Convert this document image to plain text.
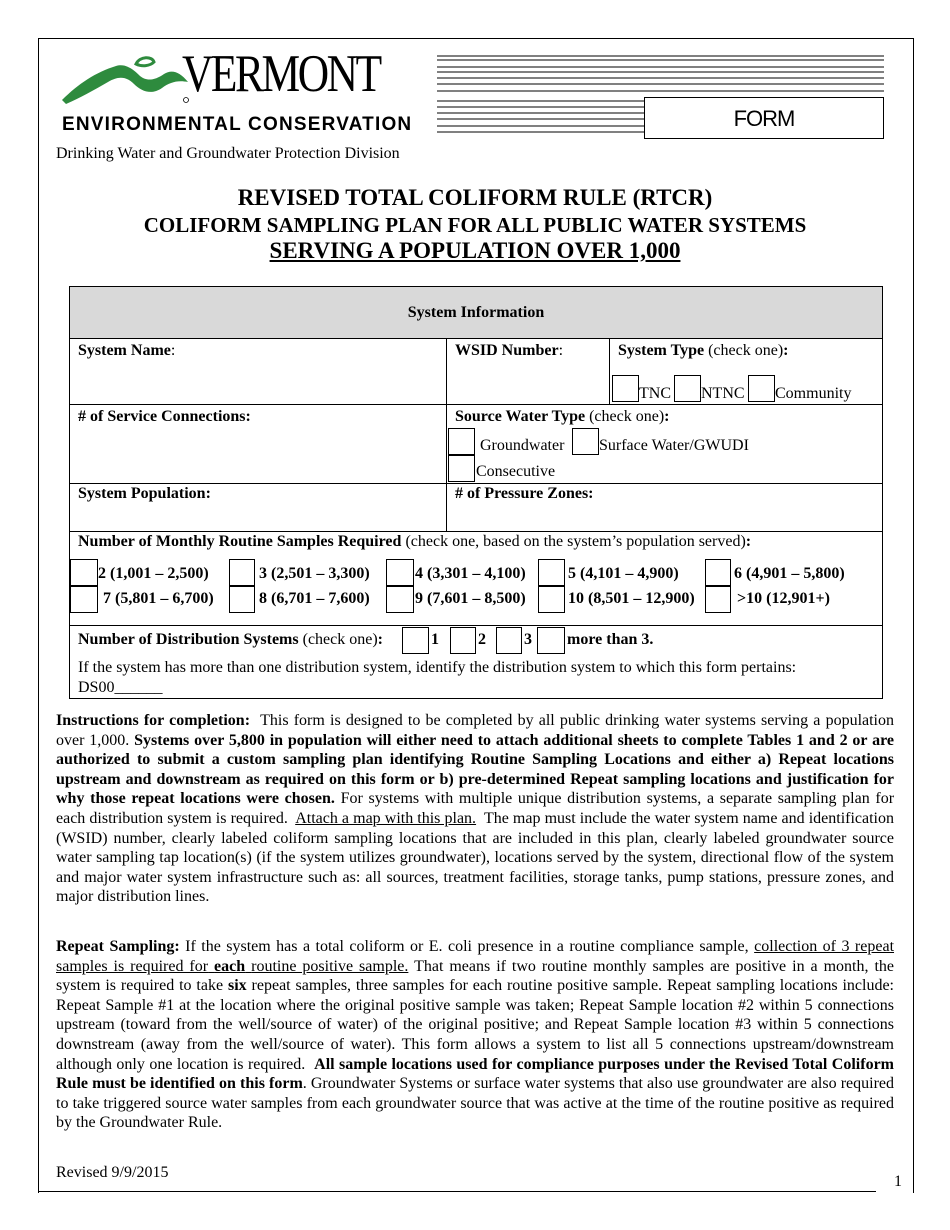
VERMONT
ENVIRONMENTAL CONSERVATION
Drinking Water and Groundwater Protection Division
FORM
REVISED TOTAL COLIFORM RULE (RTCR)
COLIFORM SAMPLING PLAN FOR ALL PUBLIC WATER SYSTEMS
SERVING A POPULATION OVER 1,000
System Information
System Name:	WSID Number:	System Type (check one):
TNC NTNC Community
# of Service Connections:	Source Water Type (check one):
Groundwater Surface Water/GWUDI
Consecutive
System Population:	# of Pressure Zones:
Number of Monthly Routine Samples Required (check one, based on the system’s population served):
2 (1,001 – 2,500)	3 (2,501 – 3,300)	4 (3,301 – 4,100)	5 (4,101 – 4,900)	6 (4,901 – 5,800)
7 (5,801 – 6,700)	8 (6,701 – 7,600)	9 (7,601 – 8,500)	10 (8,501 – 12,900)	>10 (12,901+)
Number of Distribution Systems (check one):	1 2 3 more than 3.
If the system has more than one distribution system, identify the distribution system to which this form pertains:
DS00______
Instructions for completion: This form is designed to be completed by all public drinking water systems serving a population over 1,000. Systems over 5,800 in population will either need to attach additional sheets to complete Tables 1 and 2 or are authorized to submit a custom sampling plan identifying Routine Sampling Locations and either a) Repeat locations upstream and downstream as required on this form or b) pre-determined Repeat sampling locations and justification for why those repeat locations were chosen. For systems with multiple unique distribution systems, a separate sampling plan for each distribution system is required. Attach a map with this plan. The map must include the water system name and identification (WSID) number, clearly labeled coliform sampling locations that are included in this plan, clearly labeled groundwater source water sampling tap location(s) (if the system utilizes groundwater), locations served by the system, directional flow of the system and major water system infrastructure such as: all sources, treatment facilities, storage tanks, pump stations, pressure zones, and major distribution lines.
Repeat Sampling: If the system has a total coliform or E. coli presence in a routine compliance sample, collection of 3 repeat samples is required for each routine positive sample. That means if two routine monthly samples are positive in a month, the system is required to take six repeat samples, three samples for each routine positive sample. Repeat sampling locations include: Repeat Sample #1 at the location where the original positive sample was taken; Repeat Sample location #2 within 5 connections upstream (toward from the well/source of water) of the original positive; and Repeat Sample location #3 within 5 connections downstream (away from the well/source of water). This form allows a system to list all 5 connections upstream/downstream although only one location is required. All sample locations used for compliance purposes under the Revised Total Coliform Rule must be identified on this form. Groundwater Systems or surface water systems that also use groundwater are also required to take triggered source water samples from each groundwater source that was active at the time of the routine positive as required by the Groundwater Rule.
Revised 9/9/2015
1
